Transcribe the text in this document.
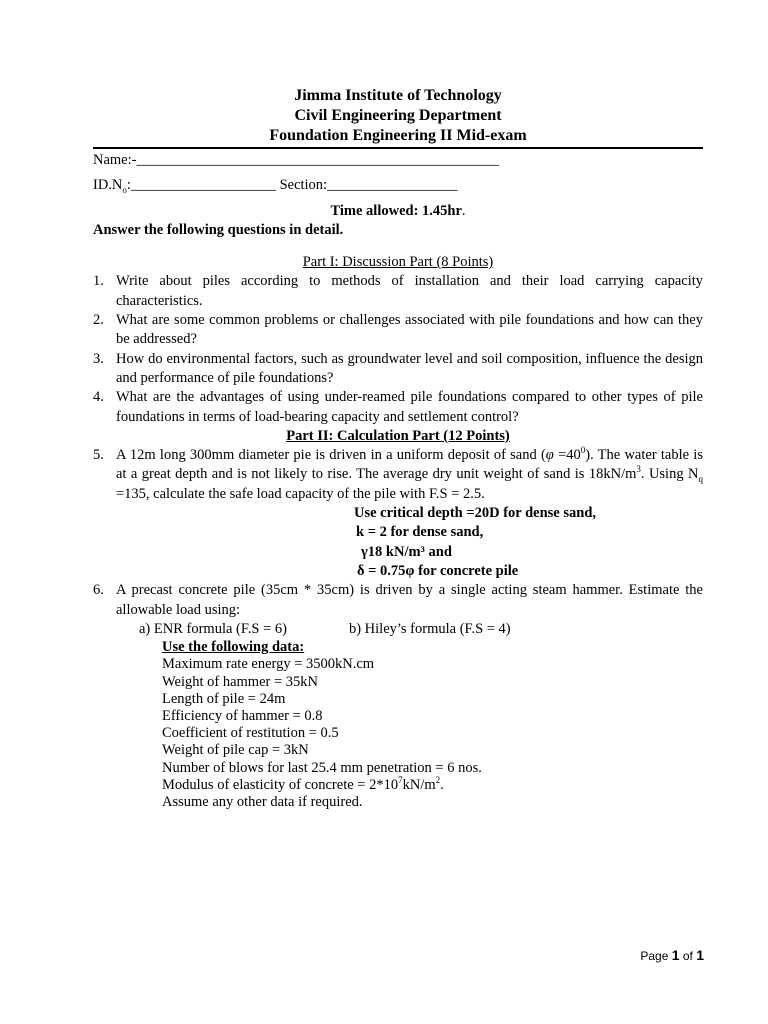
Jimma Institute of Technology
Civil Engineering Department
Foundation Engineering II Mid-exam
Name:-__________________________________________________
$ID.N_o:\_\_\_\_\_\_\_\_\_\_\_\_\_\_\_\_\_\_\_\_$ Section:__________________
Time allowed: 1.45hr.
Answer the following questions in detail.
Part I: Discussion Part (8 Points)
1. Write about piles according to methods of installation and their load carrying capacity characteristics.
2. What are some common problems or challenges associated with pile foundations and how can they be addressed?
3. How do environmental factors, such as groundwater level and soil composition, influence the design and performance of pile foundations?
4. What are the advantages of using under-reamed pile foundations compared to other types of pile foundations in terms of load-bearing capacity and settlement control?
Part II: Calculation Part (12 Points)
5. A 12m long 300mm diameter pie is driven in a uniform deposit of sand $(\varphi =40^0)$. The water table is at a great depth and is not likely to rise. The average dry unit weight of sand is $18kN/m^3$. Using $N_q =135$, calculate the safe load capacity of the pile with F.S = 2.5.
Use critical depth =20D for dense sand,
k = 2 for dense sand,
γ18 kN/m³ and
δ = 0.75φ for concrete pile
6. A precast concrete pile (35cm * 35cm) is driven by a single acting steam hammer. Estimate the allowable load using:
a) ENR formula (F.S = 6)	b) Hiley’s formula (F.S = 4)
Use the following data:
Maximum rate energy = 3500kN.cm
Weight of hammer = 35kN
Length of pile = 24m
Efficiency of hammer = 0.8
Coefficient of restitution = 0.5
Weight of pile cap = 3kN
Number of blows for last 25.4 mm penetration = 6 nos.
Modulus of elasticity of concrete = $2*10^7kN/m^2$.
Assume any other data if required.
Page 1 of 1
